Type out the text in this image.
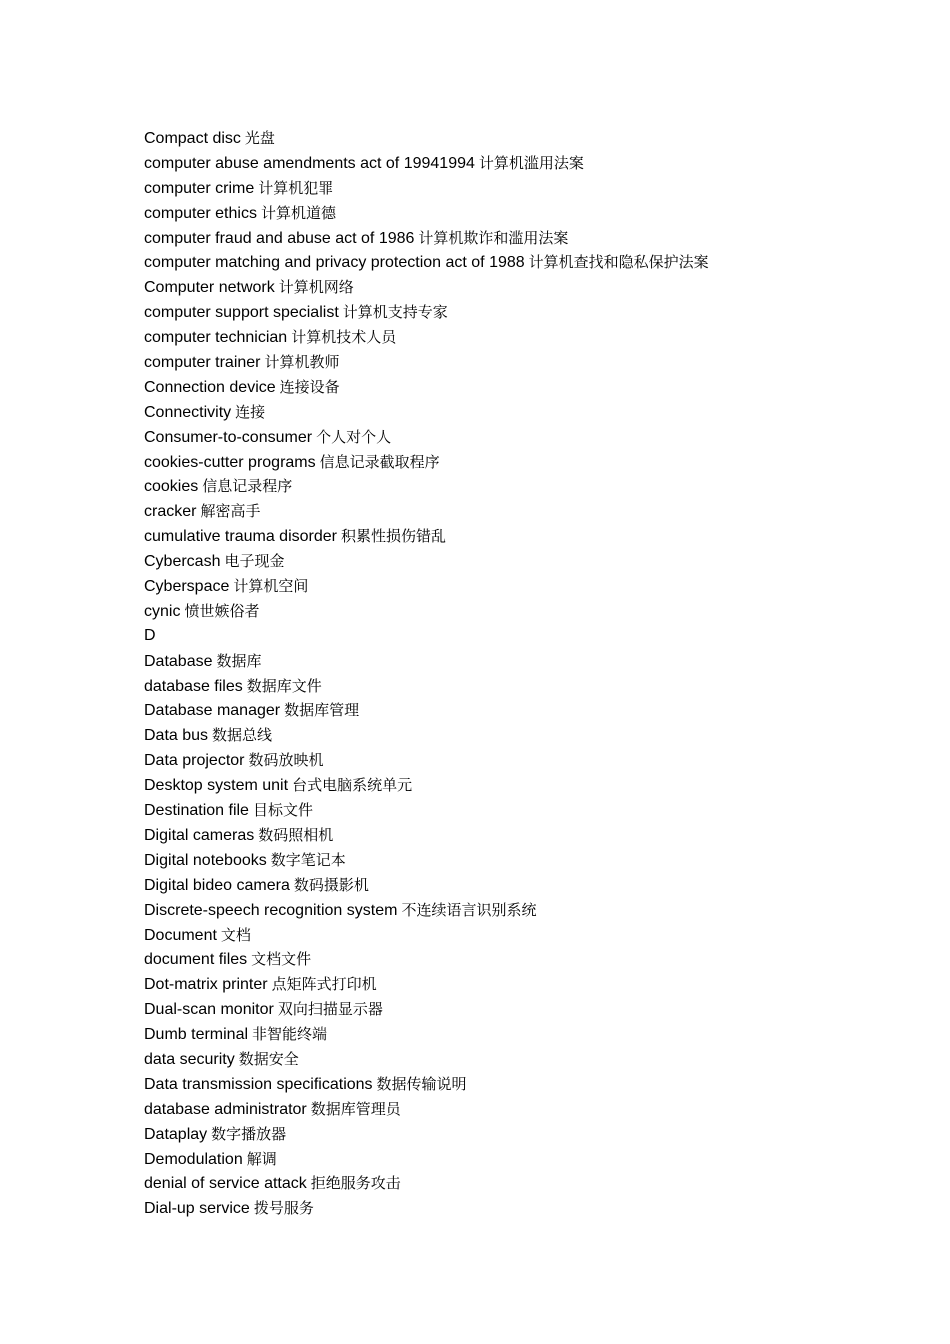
Compact disc 光盘
computer abuse amendments act of 19941994 计算机滥用法案
computer crime 计算机犯罪
computer ethics 计算机道德
computer fraud and abuse act of 1986 计算机欺诈和滥用法案
computer matching and privacy protection act of 1988 计算机查找和隐私保护法案
Computer network 计算机网络
computer support specialist 计算机支持专家
computer technician 计算机技术人员
computer trainer 计算机教师
Connection device 连接设备
Connectivity 连接
Consumer-to-consumer 个人对个人
cookies-cutter programs 信息记录截取程序
cookies 信息记录程序
cracker 解密高手
cumulative trauma disorder 积累性损伤错乱
Cybercash 电子现金
Cyberspace 计算机空间
cynic 愤世嫉俗者
D
Database 数据库
database files 数据库文件
Database manager 数据库管理
Data bus 数据总线
Data projector 数码放映机
Desktop system unit 台式电脑系统单元
Destination file 目标文件
Digital cameras 数码照相机
Digital notebooks 数字笔记本
Digital bideo camera 数码摄影机
Discrete-speech recognition system 不连续语言识别系统
Document 文档
document files 文档文件
Dot-matrix printer 点矩阵式打印机
Dual-scan monitor 双向扫描显示器
Dumb terminal 非智能终端
data security 数据安全
Data transmission specifications 数据传输说明
database administrator 数据库管理员
Dataplay 数字播放器
Demodulation 解调
denial of service attack 拒绝服务攻击
Dial-up service 拨号服务
